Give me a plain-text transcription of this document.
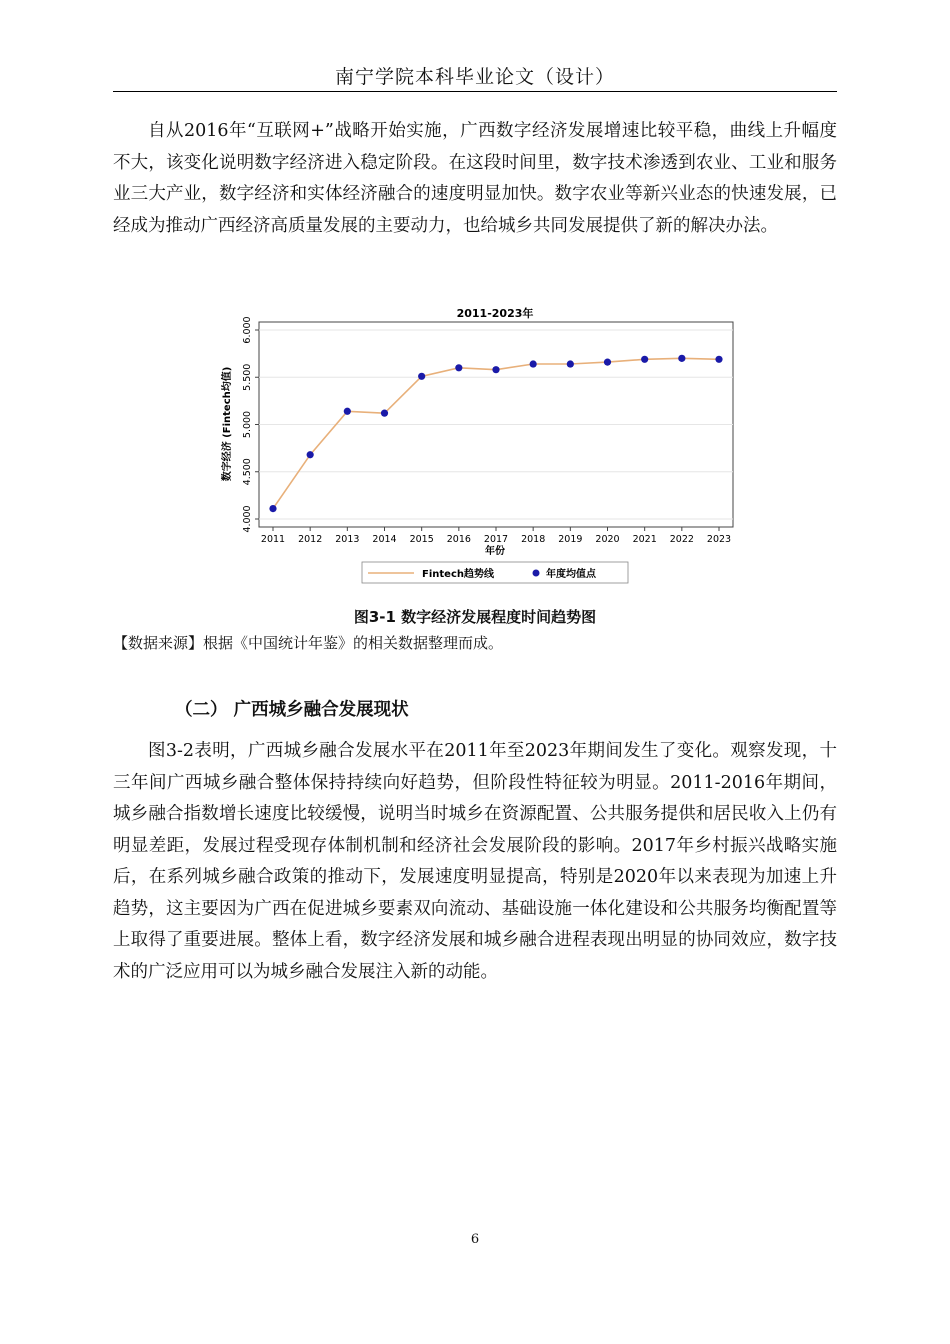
南宁学院本科毕业论文（设计）

自从2016年“互联网+”战略开始实施，广西数字经济发展增速比较平稳，曲线上升幅度不大，该变化说明数字经济进入稳定阶段。在这段时间里，数字技术渗透到农业、工业和服务业三大产业，数字经济和实体经济融合的速度明显加快。数字农业等新兴业态的快速发展，已经成为推动广西经济高质量发展的主要动力，也给城乡共同发展提供了新的解决办法。

2011-2023年
4.000
4.500
5.000
5.500
6.000
2011 2012 2013 2014 2015 2016 2017 2018 2019 2020 2021 2022 2023
数字经济 (Fintech均值)
年份
Fintech趋势线	年度均值点
图3-1 数字经济发展程度时间趋势图
【数据来源】根据《中国统计年鉴》的相关数据整理而成。
（二） 广西城乡融合发展现状

图3-2表明，广西城乡融合发展水平在2011年至2023年期间发生了变化。观察发现，十三年间广西城乡融合整体保持持续向好趋势，但阶段性特征较为明显。2011-2016年期间，城乡融合指数增长速度比较缓慢，说明当时城乡在资源配置、公共服务提供和居民收入上仍有明显差距，发展过程受现存体制机制和经济社会发展阶段的影响。2017年乡村振兴战略实施后，在系列城乡融合政策的推动下，发展速度明显提高，特别是2020年以来表现为加速上升趋势，这主要因为广西在促进城乡要素双向流动、基础设施一体化建设和公共服务均衡配置等上取得了重要进展。整体上看，数字经济发展和城乡融合进程表现出明显的协同效应，数字技术的广泛应用可以为城乡融合发展注入新的动能。

6
